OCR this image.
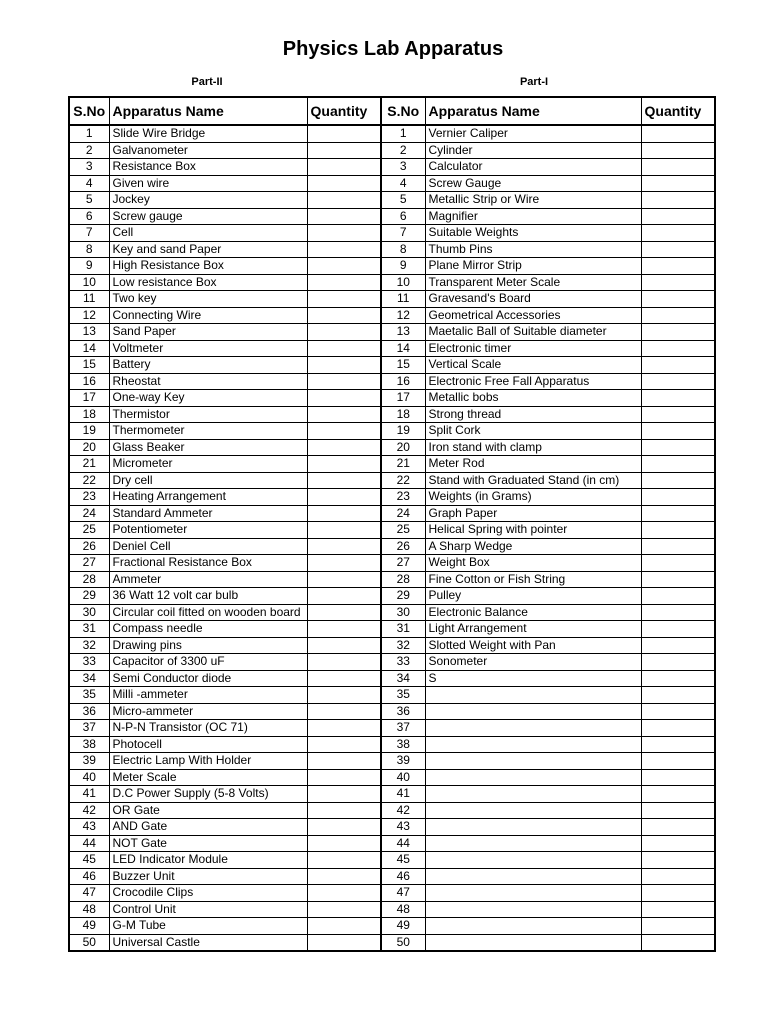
Physics Lab Apparatus
Part-II	Part-I
S.No	Apparatus Name	Quantity	S.No	Apparatus Name	Quantity
1	Slide Wire Bridge		1	Vernier Caliper	
2	Galvanometer		2	Cylinder	
3	Resistance Box		3	Calculator	
4	Given wire		4	Screw Gauge	
5	Jockey		5	Metallic Strip or Wire	
6	Screw gauge		6	Magnifier	
7	Cell		7	Suitable Weights	
8	Key and sand Paper		8	Thumb Pins	
9	High Resistance Box		9	Plane Mirror Strip	
10	Low resistance Box		10	Transparent Meter Scale	
11	Two key		11	Gravesand's Board	
12	Connecting Wire		12	Geometrical Accessories	
13	Sand Paper		13	Maetalic Ball of Suitable diameter	
14	Voltmeter		14	Electronic timer	
15	Battery		15	Vertical Scale	
16	Rheostat		16	Electronic Free Fall Apparatus	
17	One-way Key		17	Metallic bobs	
18	Thermistor		18	Strong thread	
19	Thermometer		19	Split Cork	
20	Glass Beaker		20	Iron stand with clamp	
21	Micrometer		21	Meter Rod	
22	Dry cell		22	Stand with Graduated Stand (in cm)	
23	Heating Arrangement		23	Weights (in Grams)	
24	Standard Ammeter		24	Graph Paper	
25	Potentiometer		25	Helical Spring with pointer	
26	Deniel Cell		26	A Sharp Wedge	
27	Fractional Resistance Box		27	Weight Box	
28	Ammeter		28	Fine Cotton or Fish String	
29	36 Watt 12 volt car bulb		29	Pulley	
30	Circular coil fitted on wooden board		30	Electronic Balance	
31	Compass needle		31	Light Arrangement	
32	Drawing pins		32	Slotted Weight with Pan	
33	Capacitor of 3300 uF		33	Sonometer	
34	Semi Conductor diode		34	S	
35	Milli -ammeter		35		
36	Micro-ammeter		36		
37	N-P-N Transistor (OC 71)		37		
38	Photocell		38		
39	Electric Lamp With Holder		39		
40	Meter Scale		40		
41	D.C Power Supply (5-8 Volts)		41		
42	OR Gate		42		
43	AND Gate		43		
44	NOT Gate		44		
45	LED Indicator Module		45		
46	Buzzer Unit		46		
47	Crocodile Clips		47		
48	Control Unit		48		
49	G-M Tube		49		
50	Universal Castle		50		
